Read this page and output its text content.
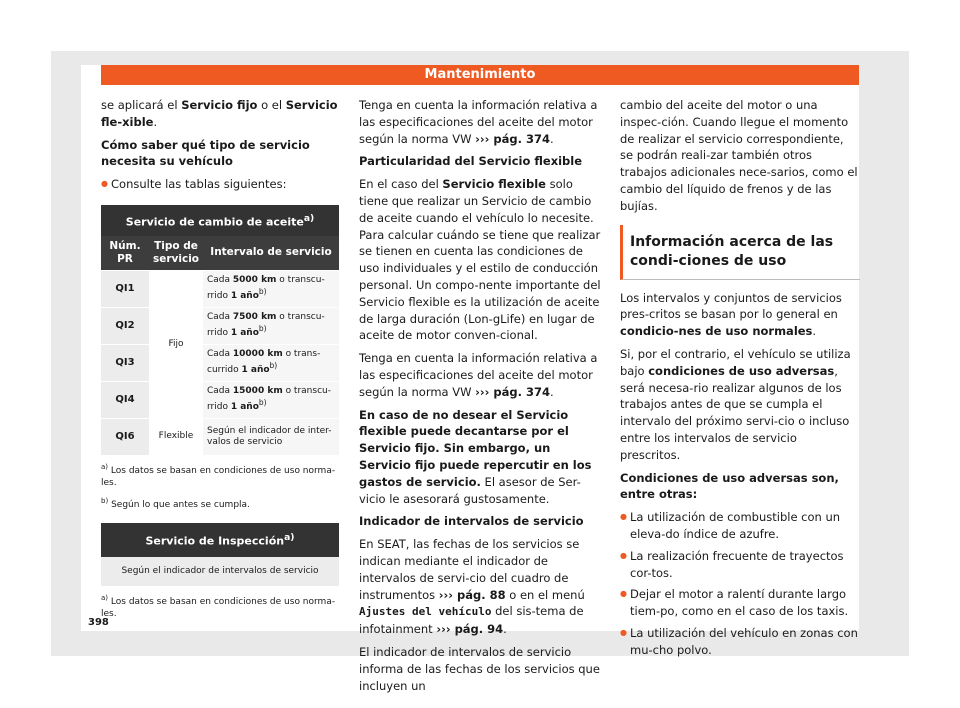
Mantenimiento

se aplicará el Servicio fijo o el Servicio fle-xible.

Cómo saber qué tipo de servicio necesita su vehículo

● Consulte las tablas siguientes:
Servicio de cambio de aceite$^{a)}$
Núm. PR	Tipo de servicio	Intervalo de servicio
QI1	Fijo	Cada 5000 km o transcu-rrido 1 año$^{b)}$
QI2		Cada 7500 km o transcu-rrido 1 año$^{b)}$
QI3		Cada 10000 km o trans-currido 1 año$^{b)}$
QI4		Cada 15000 km o transcu-rrido 1 año$^{b)}$
QI6	Flexible	Según el indicador de inter-valos de servicio

$^{a)}$ Los datos se basan en condiciones de uso norma-les.

$^{b)}$ Según lo que antes se cumpla.

Servicio de Inspección$^{a)}$
Según el indicador de intervalos de servicio

$^{a)}$ Los datos se basan en condiciones de uso norma-les.

Tenga en cuenta la información relativa a las especificaciones del aceite del motor según la norma VW ››› pág. 374.

Particularidad del Servicio flexible

En el caso del Servicio flexible solo tiene que realizar un Servicio de cambio de aceite cuando el vehículo lo necesite. Para calcular cuándo se tiene que realizar se tienen en cuenta las condiciones de uso individuales y el estilo de conducción personal. Un compo-nente importante del Servicio flexible es la utilización de aceite de larga duración (Lon-gLife) en lugar de aceite de motor conven-cional.

Tenga en cuenta la información relativa a las especificaciones del aceite del motor según la norma VW ››› pág. 374.

En caso de no desear el Servicio flexible puede decantarse por el Servicio fijo. Sin embargo, un Servicio fijo puede repercutir en los gastos de servicio. El asesor de Ser-vicio le asesorará gustosamente.

Indicador de intervalos de servicio

En SEAT, las fechas de los servicios se indican mediante el indicador de intervalos de servi-cio del cuadro de instrumentos ››› pág. 88 o en el menú Ajustes del vehículo del sis-tema de infotainment ››› pág. 94.

El indicador de intervalos de servicio informa de las fechas de los servicios que incluyen un

cambio del aceite del motor o una inspec-ción. Cuando llegue el momento de realizar el servicio correspondiente, se podrán reali-zar también otros trabajos adicionales nece-sarios, como el cambio del líquido de frenos y de las bujías.

Información acerca de las condi-ciones de uso

Los intervalos y conjuntos de servicios pres-critos se basan por lo general en condicio-nes de uso normales.

Si, por el contrario, el vehículo se utiliza bajo condiciones de uso adversas, será necesa-rio realizar algunos de los trabajos antes de que se cumpla el intervalo del próximo servi-cio o incluso entre los intervalos de servicio prescritos.

Condiciones de uso adversas son, entre otras:

● La utilización de combustible con un eleva-do índice de azufre.
● La realización frecuente de trayectos cor-tos.
● Dejar el motor a ralentí durante largo tiem-po, como en el caso de los taxis.
● La utilización del vehículo en zonas con mu-cho polvo.
398
